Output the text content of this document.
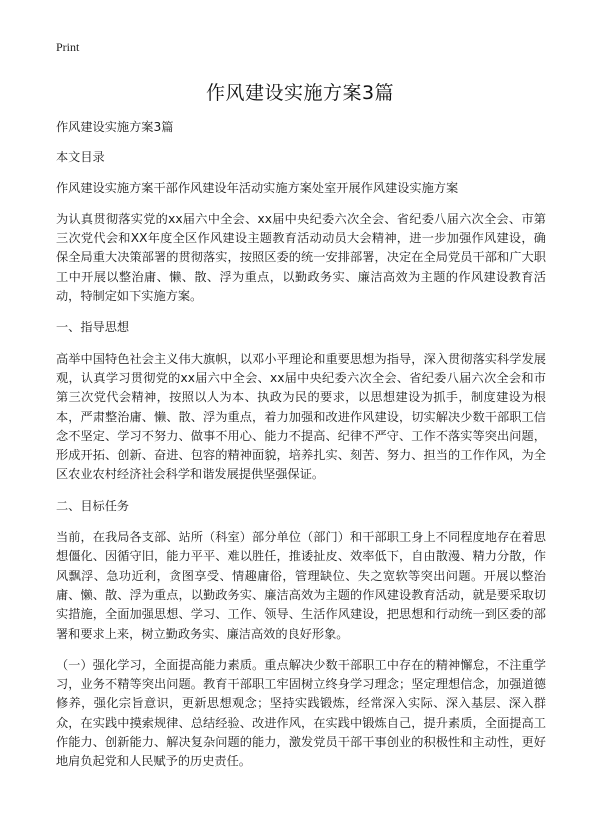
Print
作风建设实施方案3篇

作风建设实施方案3篇

本文目录

作风建设实施方案干部作风建设年活动实施方案处室开展作风建设实施方案

为认真贯彻落实党的xx届六中全会、xx届中央纪委六次全会、省纪委八届六次全会、市第三次党代会和XX年度全区作风建设主题教育活动动员大会精神，进一步加强作风建设，确保全局重大决策部署的贯彻落实，按照区委的统一安排部署，决定在全局党员干部和广大职工中开展以整治庸、懒、散、浮为重点，以勤政务实、廉洁高效为主题的作风建设教育活动，特制定如下实施方案。

一、指导思想

高举中国特色社会主义伟大旗帜，以邓小平理论和重要思想为指导，深入贯彻落实科学发展观，认真学习贯彻党的xx届六中全会、xx届中央纪委六次全会、省纪委八届六次全会和市第三次党代会精神，按照以人为本、执政为民的要求，以思想建设为抓手，制度建设为根本，严肃整治庸、懒、散、浮为重点，着力加强和改进作风建设，切实解决少数干部职工信念不坚定、学习不努力、做事不用心、能力不提高、纪律不严守、工作不落实等突出问题，形成开拓、创新、奋进、包容的精神面貌，培养扎实、刻苦、努力、担当的工作作风，为全区农业农村经济社会科学和谐发展提供坚强保证。

二、目标任务

当前，在我局各支部、站所（科室）部分单位（部门）和干部职工身上不同程度地存在着思想僵化、因循守旧，能力平平、难以胜任，推诿扯皮、效率低下，自由散漫、精力分散，作风飘浮、急功近利，贪图享受、情趣庸俗，管理缺位、失之宽软等突出问题。开展以整治庸、懒、散、浮为重点，以勤政务实、廉洁高效为主题的作风建设教育活动，就是要采取切实措施，全面加强思想、学习、工作、领导、生活作风建设，把思想和行动统一到区委的部署和要求上来，树立勤政务实、廉洁高效的良好形象。

（一）强化学习，全面提高能力素质。重点解决少数干部职工中存在的精神懈怠，不注重学习，业务不精等突出问题。教育干部职工牢固树立终身学习理念；坚定理想信念，加强道德修养，强化宗旨意识，更新思想观念；坚持实践锻炼，经常深入实际、深入基层、深入群众，在实践中摸索规律、总结经验、改进作风，在实践中锻炼自己，提升素质，全面提高工作能力、创新能力、解决复杂问题的能力，激发党员干部干事创业的积极性和主动性，更好地肩负起党和人民赋予的历史责任。
